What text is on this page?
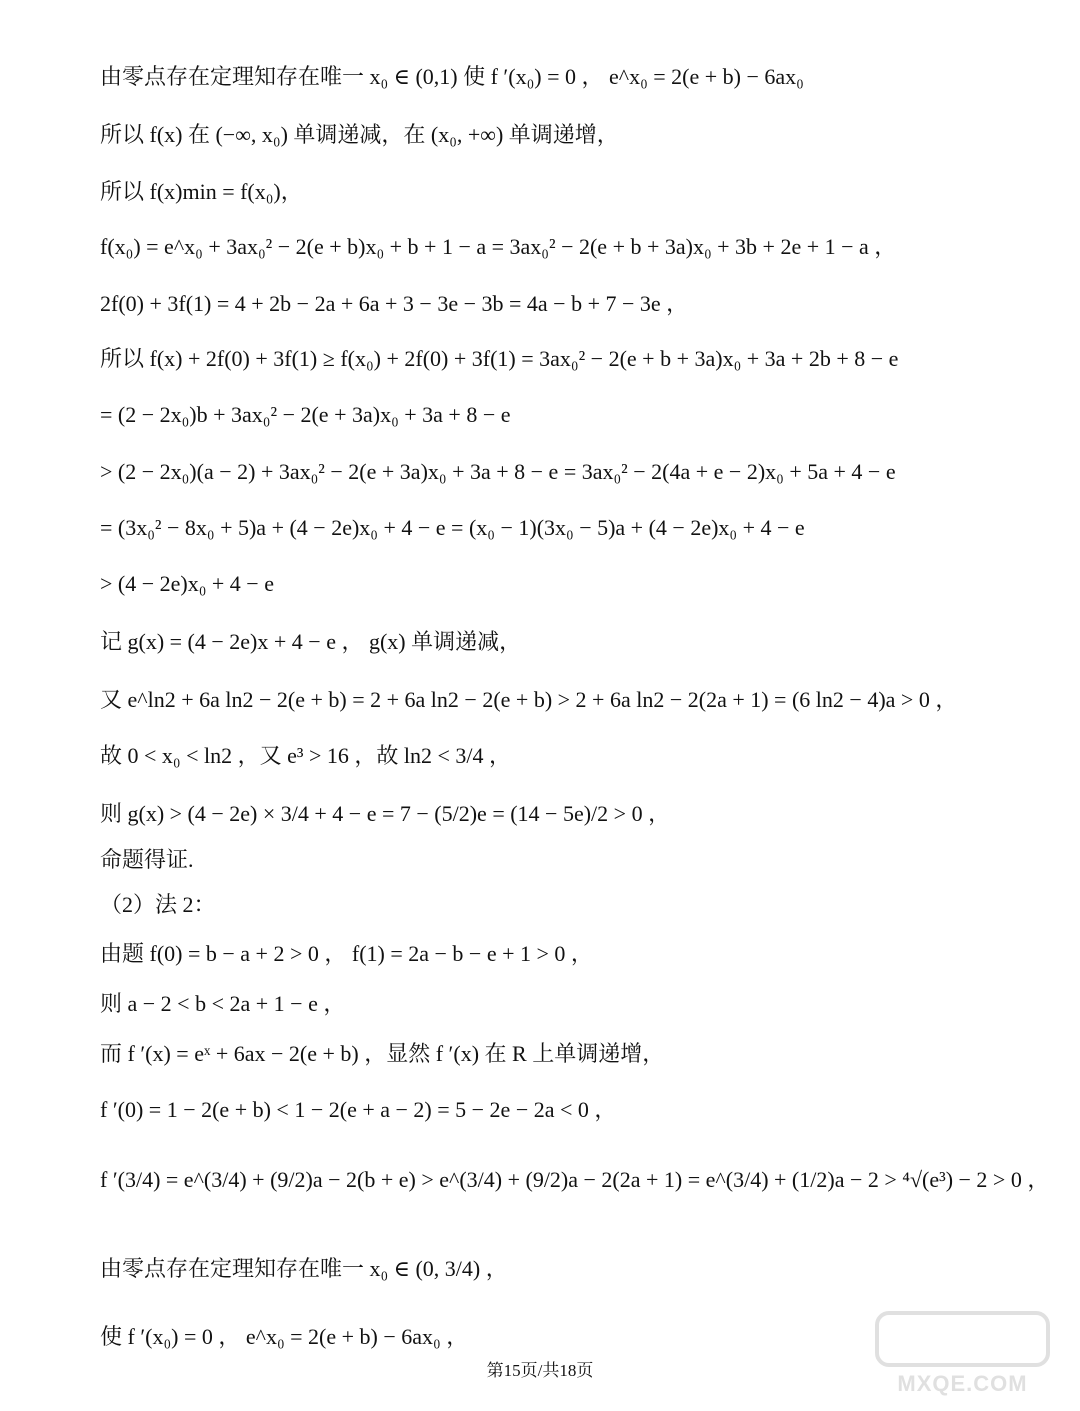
由零点存在定理知存在唯一 x₀ ∈ (0,1) 使 f ′(x₀) = 0 ， e^x₀ = 2(e + b) − 6ax₀
所以 f(x) 在 (−∞, x₀) 单调递减，在 (x₀, +∞) 单调递增，
所以 f(x)min = f(x₀)，
f(x₀) = e^x₀ + 3ax₀² − 2(e + b)x₀ + b + 1 − a = 3ax₀² − 2(e + b + 3a)x₀ + 3b + 2e + 1 − a ，
2f(0) + 3f(1) = 4 + 2b − 2a + 6a + 3 − 3e − 3b = 4a − b + 7 − 3e ，
所以 f(x) + 2f(0) + 3f(1) ≥ f(x₀) + 2f(0) + 3f(1) = 3ax₀² − 2(e + b + 3a)x₀ + 3a + 2b + 8 − e
= (2 − 2x₀)b + 3ax₀² − 2(e + 3a)x₀ + 3a + 8 − e
> (2 − 2x₀)(a − 2) + 3ax₀² − 2(e + 3a)x₀ + 3a + 8 − e = 3ax₀² − 2(4a + e − 2)x₀ + 5a + 4 − e
= (3x₀² − 8x₀ + 5)a + (4 − 2e)x₀ + 4 − e = (x₀ − 1)(3x₀ − 5)a + (4 − 2e)x₀ + 4 − e
> (4 − 2e)x₀ + 4 − e
记 g(x) = (4 − 2e)x + 4 − e ， g(x) 单调递减，
又 e^ln2 + 6a ln2 − 2(e + b) = 2 + 6a ln2 − 2(e + b) > 2 + 6a ln2 − 2(2a + 1) = (6 ln2 − 4)a > 0 ，
故 0 < x₀ < ln2 ，又 e³ > 16 ，故 ln2 < 3/4 ，
则 g(x) > (4 − 2e) × 3/4 + 4 − e = 7 − (5/2)e = (14 − 5e)/2 > 0 ，
命题得证.
（2）法 2：
由题 f(0) = b − a + 2 > 0 ， f(1) = 2a − b − e + 1 > 0 ，
则 a − 2 < b < 2a + 1 − e ，
而 f ′(x) = eˣ + 6ax − 2(e + b) ，显然 f ′(x) 在 R 上单调递增，
f ′(0) = 1 − 2(e + b) < 1 − 2(e + a − 2) = 5 − 2e − 2a < 0 ，
f ′(3/4) = e^(3/4) + (9/2)a − 2(b + e) > e^(3/4) + (9/2)a − 2(2a + 1) = e^(3/4) + (1/2)a − 2 > ⁴√(e³) − 2 > 0 ，
由零点存在定理知存在唯一 x₀ ∈ (0, 3/4) ，
使 f ′(x₀) = 0 ， e^x₀ = 2(e + b) − 6ax₀ ，
第15页/共18页
MXQE.COM
